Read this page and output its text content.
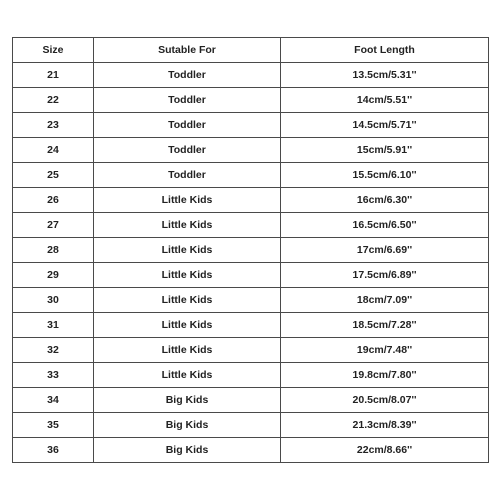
Size	Sutable For	Foot Length
21	Toddler	13.5cm/5.31''
22	Toddler	14cm/5.51''
23	Toddler	14.5cm/5.71''
24	Toddler	15cm/5.91''
25	Toddler	15.5cm/6.10''
26	Little Kids	16cm/6.30''
27	Little Kids	16.5cm/6.50''
28	Little Kids	17cm/6.69''
29	Little Kids	17.5cm/6.89''
30	Little Kids	18cm/7.09''
31	Little Kids	18.5cm/7.28''
32	Little Kids	19cm/7.48''
33	Little Kids	19.8cm/7.80''
34	Big Kids	20.5cm/8.07''
35	Big Kids	21.3cm/8.39''
36	Big Kids	22cm/8.66''
